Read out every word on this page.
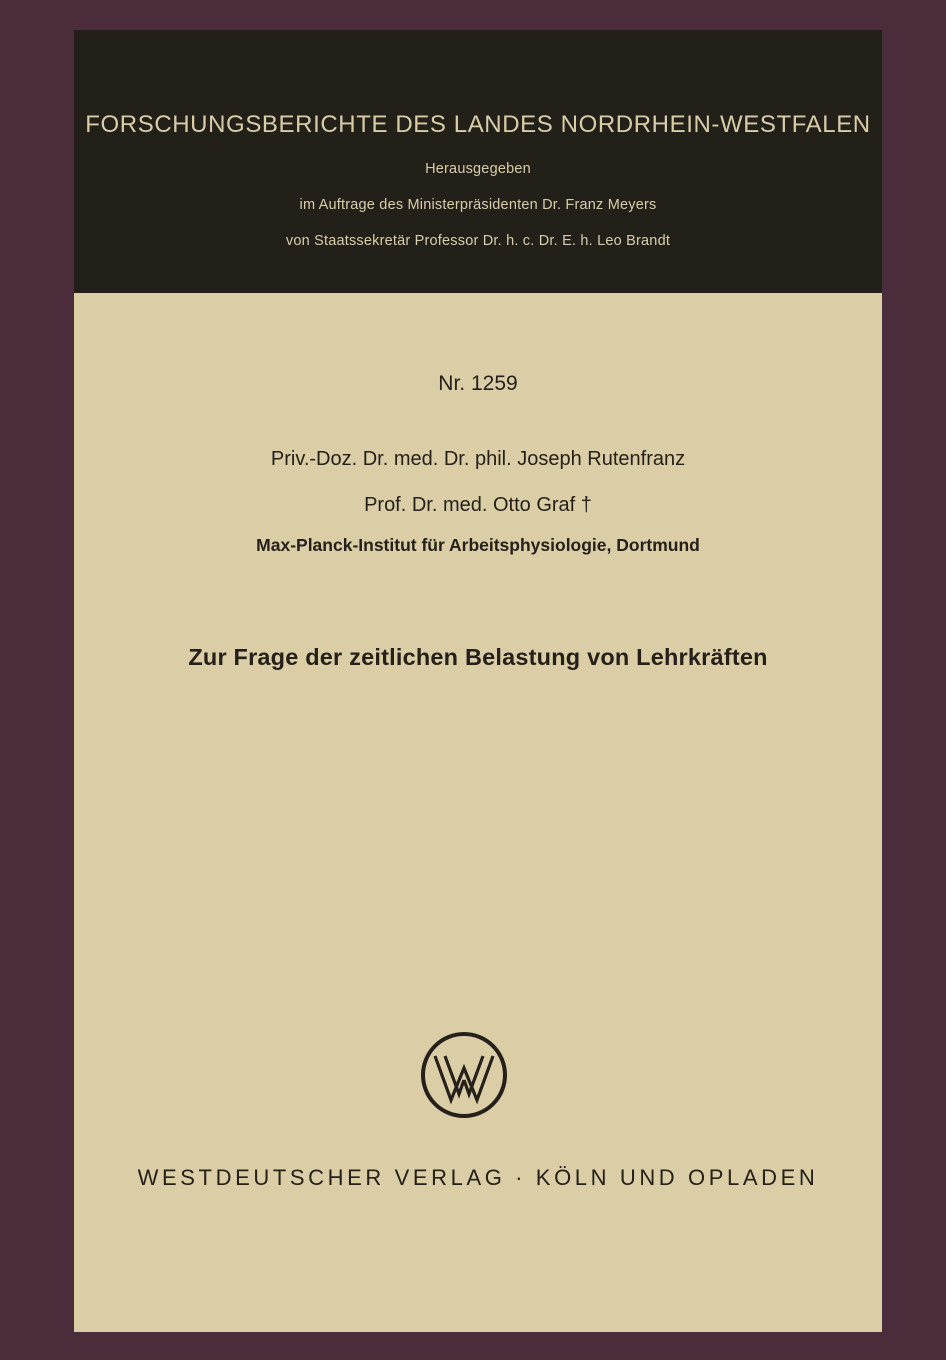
FORSCHUNGSBERICHTE DES LANDES NORDRHEIN-WESTFALEN
Herausgegeben
im Auftrage des Ministerpräsidenten Dr. Franz Meyers
von Staatssekretär Professor Dr. h. c. Dr. E. h. Leo Brandt
Nr. 1259
Priv.-Doz. Dr. med. Dr. phil. Joseph Rutenfranz
Prof. Dr. med. Otto Graf †
Max-Planck-Institut für Arbeitsphysiologie, Dortmund
Zur Frage der zeitlichen Belastung von Lehrkräften
WESTDEUTSCHER VERLAG · KÖLN UND OPLADEN
